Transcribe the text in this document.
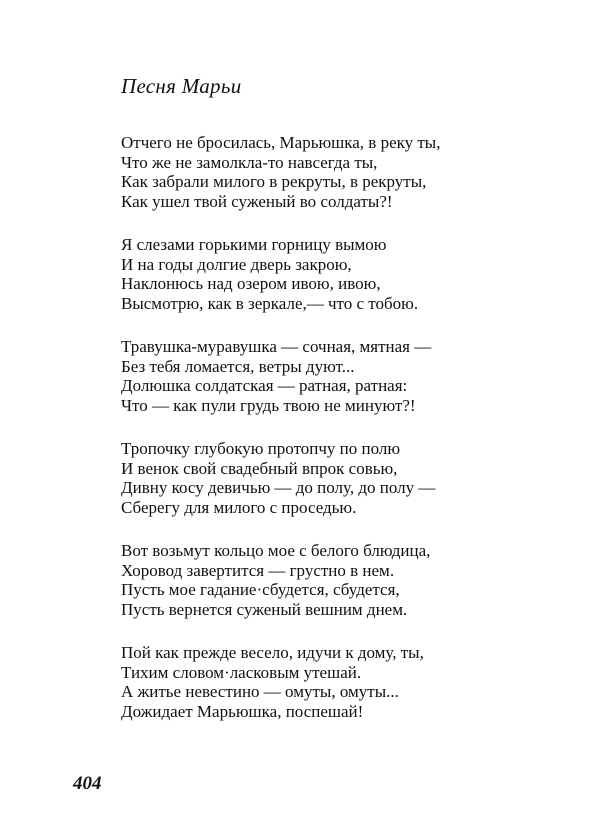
Песня Марьи
Отчего не бросилась, Марьюшка, в реку ты,
Что же не замолкла-то навсегда ты,
Как забрали милого в рекруты, в рекруты,
Как ушел твой суженый во солдаты?!
Я слезами горькими горницу вымою
И на годы долгие дверь закрою,
Наклонюсь над озером ивою, ивою,
Высмотрю, как в зеркале,— что с тобою.
Травушка-муравушка — сочная, мятная —
Без тебя ломается, ветры дуют...
Долюшка солдатская — ратная, ратная:
Что — как пули грудь твою не минуют?!
Тропочку глубокую протопчу по полю
И венок свой свадебный впрок совью,
Дивну косу девичью — до полу, до полу —
Сберегу для милого с проседью.
Вот возьмут кольцо мое с белого блюдица,
Хоровод завертится — грустно в нем.
Пусть мое гадание·сбудется, сбудется,
Пусть вернется суженый вешним днем.
Пой как прежде весело, идучи к дому, ты,
Тихим словом·ласковым утешай.
А житье невестино — омуты, омуты...
Дожидает Марьюшка, поспешай!
404
